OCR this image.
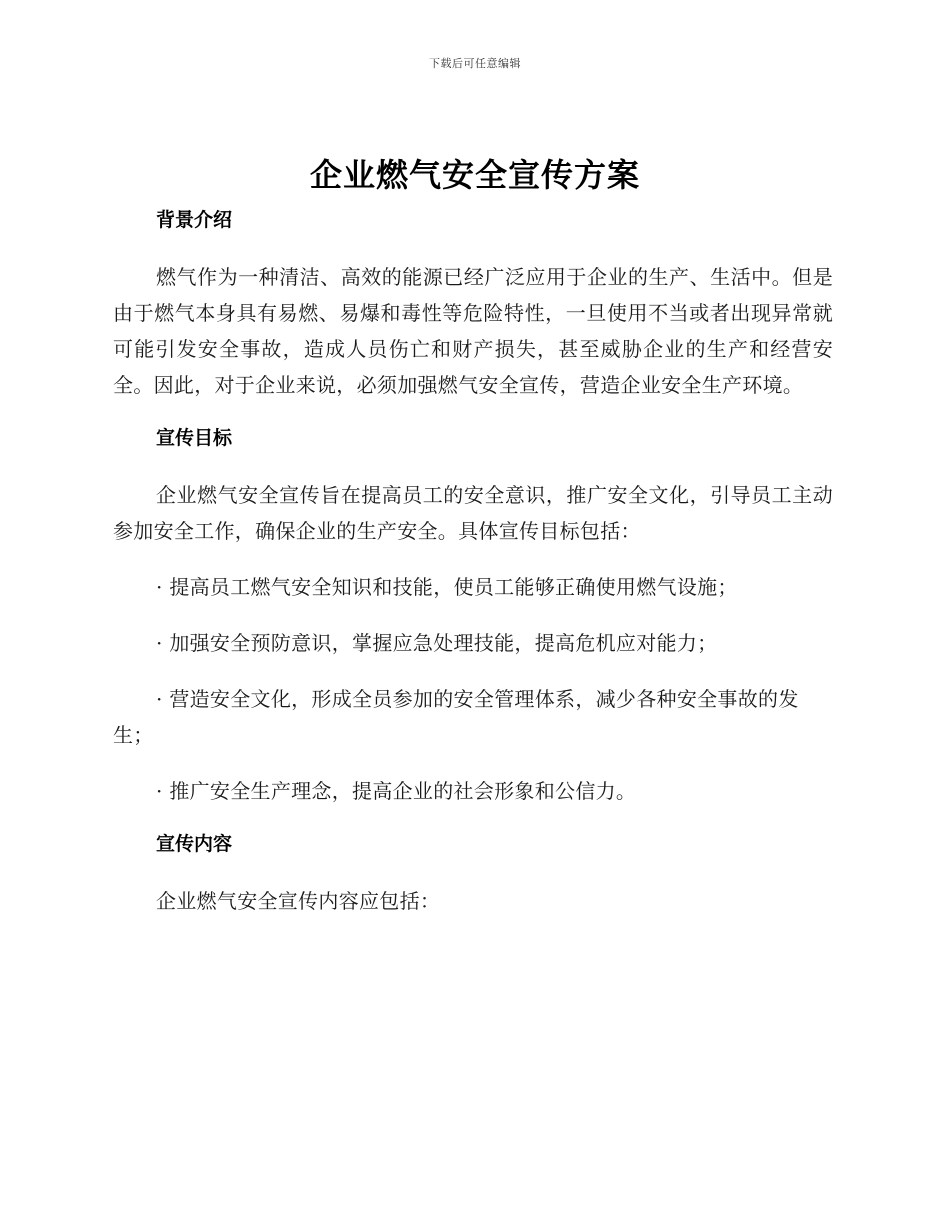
下载后可任意编辑
企业燃气安全宣传方案
背景介绍

燃气作为一种清洁、高效的能源已经广泛应用于企业的生产、生活中。但是由于燃气本身具有易燃、易爆和毒性等危险特性，一旦使用不当或者出现异常就可能引发安全事故，造成人员伤亡和财产损失，甚至威胁企业的生产和经营安全。因此，对于企业来说，必须加强燃气安全宣传，营造企业安全生产环境。

宣传目标

企业燃气安全宣传旨在提高员工的安全意识，推广安全文化，引导员工主动参加安全工作，确保企业的生产安全。具体宣传目标包括：

· 提高员工燃气安全知识和技能，使员工能够正确使用燃气设施；
· 加强安全预防意识，掌握应急处理技能，提高危机应对能力；
· 营造安全文化，形成全员参加的安全管理体系，减少各种安全事故的发生；
· 推广安全生产理念，提高企业的社会形象和公信力。
宣传内容

企业燃气安全宣传内容应包括：
